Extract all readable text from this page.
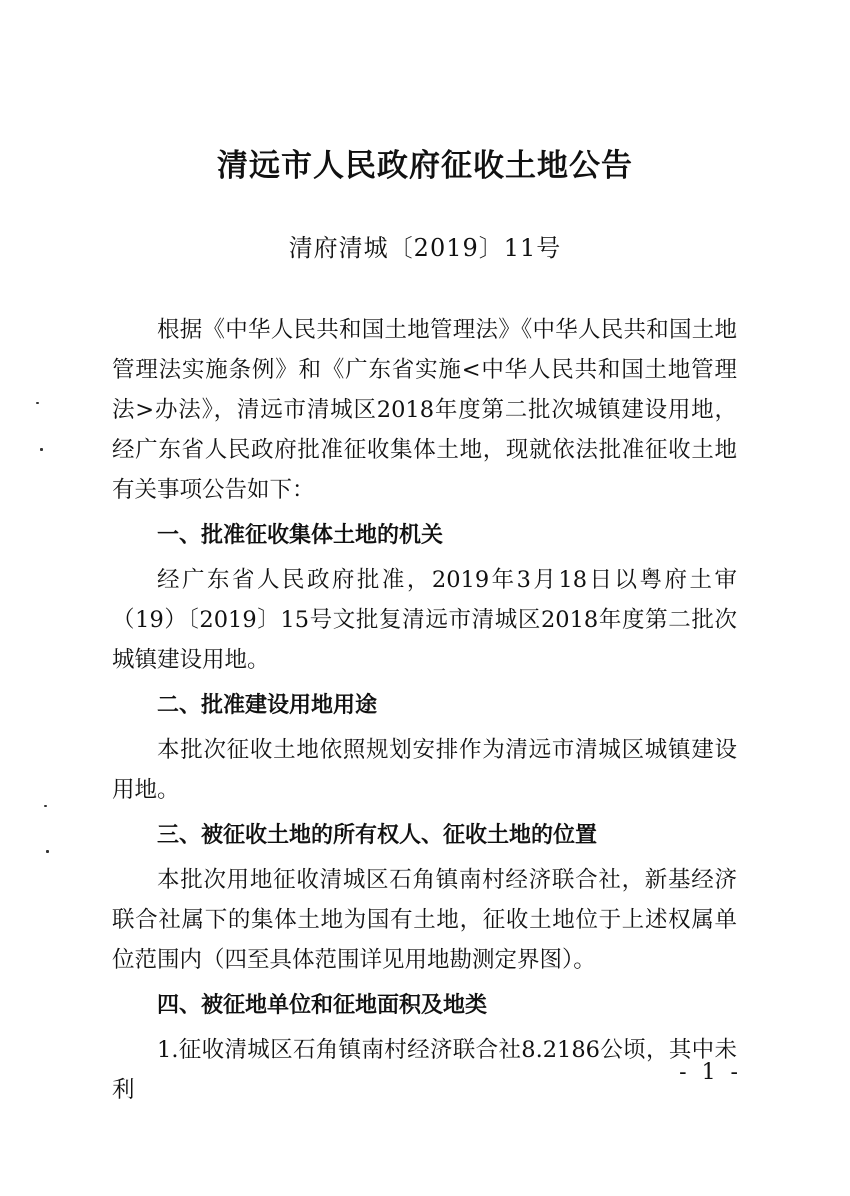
清远市人民政府征收土地公告
清府清城〔2019〕11号

根据《中华人民共和国土地管理法》《中华人民共和国土地管理法实施条例》和《广东省实施<中华人民共和国土地管理法>办法》，清远市清城区2018年度第二批次城镇建设用地，经广东省人民政府批准征收集体土地，现就依法批准征收土地有关事项公告如下：

一、批准征收集体土地的机关

经广东省人民政府批准，2019年3月18日以粤府土审（19）〔2019〕15号文批复清远市清城区2018年度第二批次城镇建设用地。

二、批准建设用地用途

本批次征收土地依照规划安排作为清远市清城区城镇建设用地。

三、被征收土地的所有权人、征收土地的位置

本批次用地征收清城区石角镇南村经济联合社，新基经济联合社属下的集体土地为国有土地，征收土地位于上述权属单位范围内（四至具体范围详见用地勘测定界图）。

四、被征地单位和征地面积及地类

1.征收清城区石角镇南村经济联合社8.2186公顷，其中未利

- 1 -
